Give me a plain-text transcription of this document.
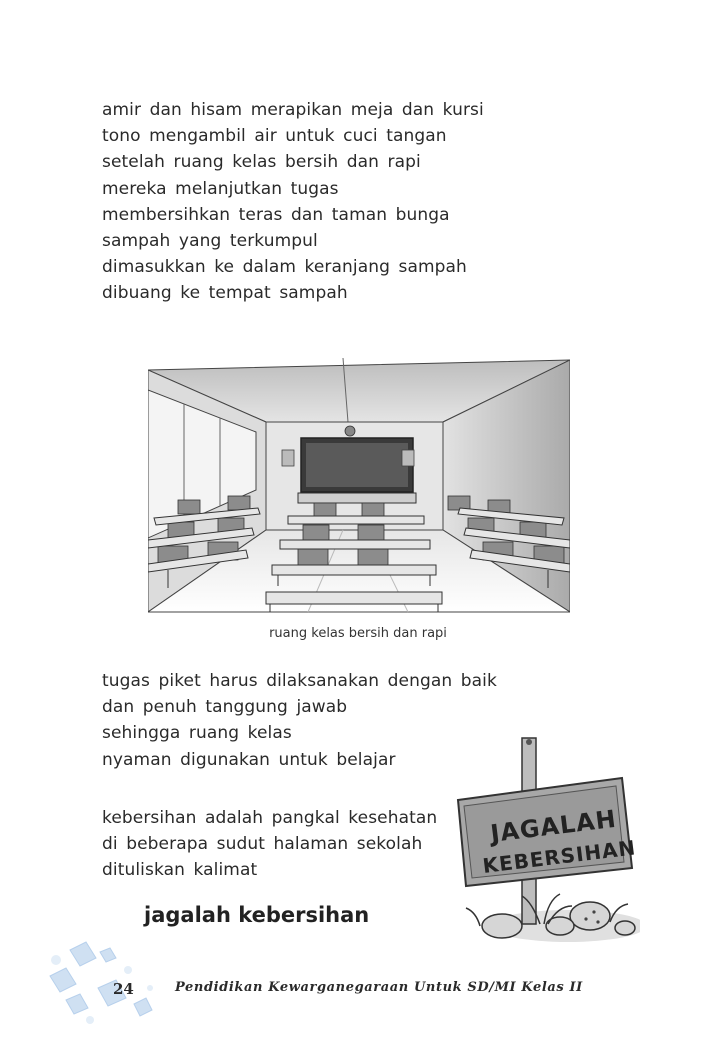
amir dan hisam merapikan meja dan kursi
tono mengambil air untuk cuci tangan
setelah ruang kelas bersih dan rapi
mereka melanjutkan tugas
membersihkan teras dan taman bunga
sampah yang terkumpul
dimasukkan ke dalam keranjang sampah
dibuang ke tempat sampah
ruang kelas bersih dan rapi
tugas piket harus dilaksanakan dengan baik
dan penuh tanggung jawab
sehingga ruang kelas
nyaman digunakan untuk belajar
kebersihan adalah pangkal kesehatan
di beberapa sudut halaman sekolah
dituliskan kalimat

jagalah kebersihan

JAGALAH
KEBERSIHAN

24	Pendidikan Kewarganegaraan Untuk SD/MI Kelas II
